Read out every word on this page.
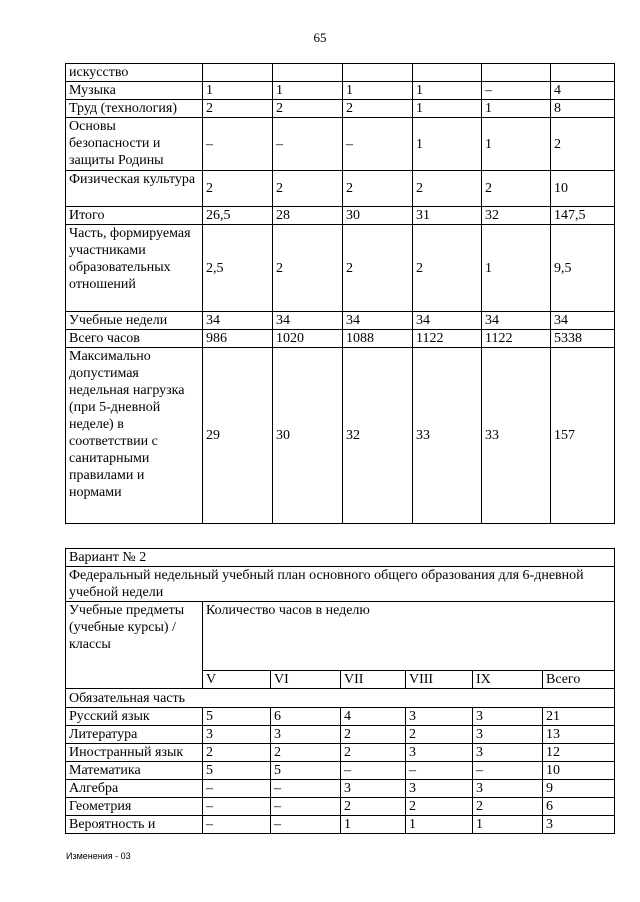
65
искусство						
Музыка	1	1	1	1	–	4
Труд (технология)	2	2	2	1	1	8
Основы безопасности и защиты Родины	–	–	–	1	1	2
Физическая культура	2	2	2	2	2	10
Итого	26,5	28	30	31	32	147,5
Часть, формируемая участниками образовательных отношений	2,5	2	2	2	1	9,5
Учебные недели	34	34	34	34	34	34
Всего часов	986	1020	1088	1122	1122	5338
Максимально допустимая недельная нагрузка (при 5-дневной неделе) в соответствии с санитарными правилами и нормами	29	30	32	33	33	157
Вариант № 2						
Федеральный недельный учебный план основного общего образования для 6-дневной учебной недели						
Учебные предметы (учебные курсы) / классы	Количество часов в неделю					
	V	VI	VII	VIII	IX	Всего
Обязательная часть						
Русский язык	5	6	4	3	3	21
Литература	3	3	2	2	3	13
Иностранный язык	2	2	2	3	3	12
Математика	5	5	–	–	–	10
Алгебра	–	–	3	3	3	9
Геометрия	–	–	2	2	2	6
Вероятность и	–	–	1	1	1	3
Изменения - 03
